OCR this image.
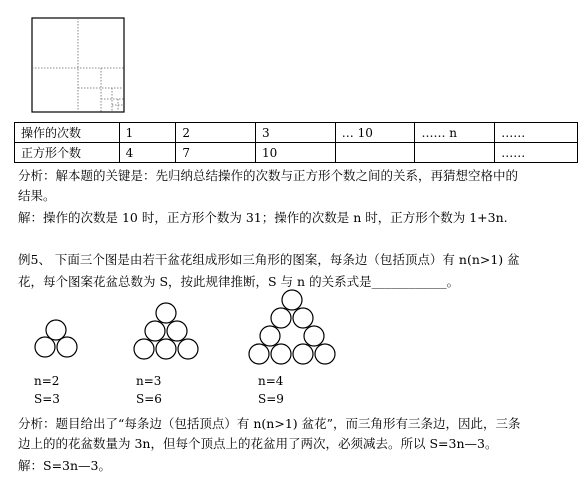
操作的次数	1	2	3	… 10	…… n	……
正方形个数	4	7	10			……
分析：解本题的关键是：先归纳总结操作的次数与正方形个数之间的关系，再猜想空格中的
结果。
解：操作的次数是 10 时，正方形个数为 31；操作的次数是 n 时，正方形个数为 1+3n.
例5、 下面三个图是由若干盆花组成形如三角形的图案，每条边（包括顶点）有 n(n>1) 盆
花，每个图案花盆总数为 S，按此规律推断，S 与 n 的关系式是____________。
n=2
S=3
n=3
S=6
n=4
S=9
分析：题目给出了“每条边（包括顶点）有 n(n>1) 盆花”，而三角形有三条边，因此，三条
边上的的花盆数量为 3n，但每个顶点上的花盆用了两次，必须减去。所以 S=3n—3。
解：S=3n—3。
